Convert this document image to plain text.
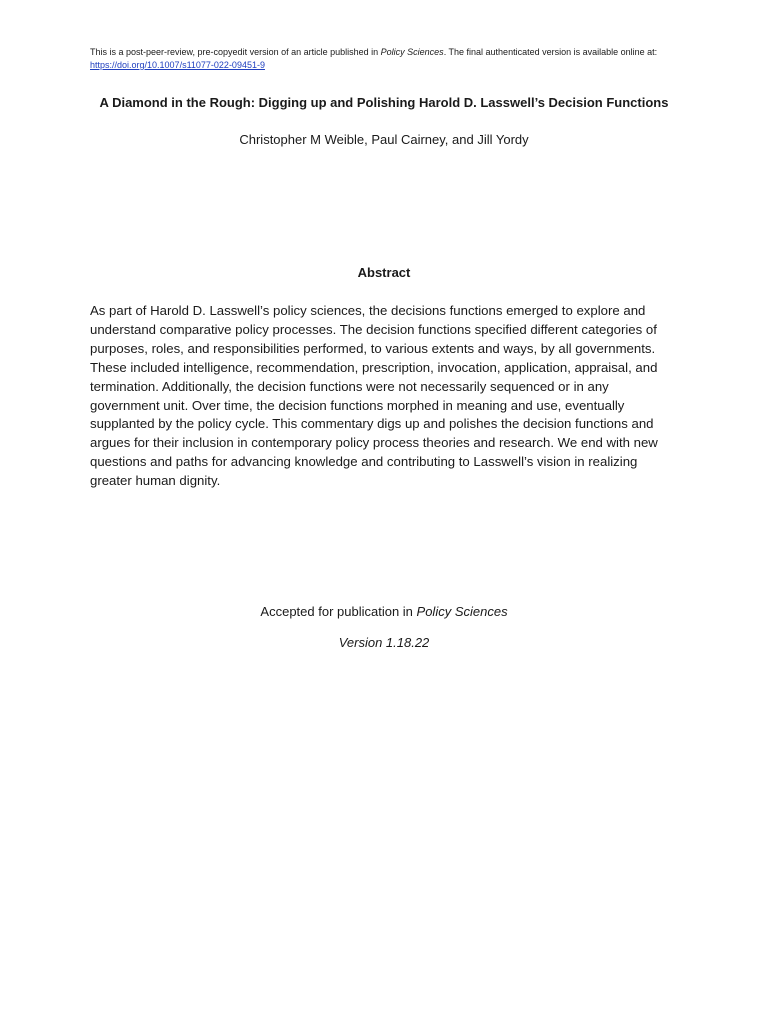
This is a post-peer-review, pre-copyedit version of an article published in Policy Sciences. The final authenticated version is available online at:
https://doi.org/10.1007/s11077-022-09451-9
A Diamond in the Rough: Digging up and Polishing Harold D. Lasswell’s Decision Functions
Christopher M Weible, Paul Cairney, and Jill Yordy
Abstract

As part of Harold D. Lasswell’s policy sciences, the decisions functions emerged to explore and understand comparative policy processes. The decision functions specified different categories of purposes, roles, and responsibilities performed, to various extents and ways, by all governments. These included intelligence, recommendation, prescription, invocation, application, appraisal, and termination. Additionally, the decision functions were not necessarily sequenced or in any government unit. Over time, the decision functions morphed in meaning and use, eventually supplanted by the policy cycle. This commentary digs up and polishes the decision functions and argues for their inclusion in contemporary policy process theories and research. We end with new questions and paths for advancing knowledge and contributing to Lasswell’s vision in realizing greater human dignity.

Accepted for publication in Policy Sciences
Version 1.18.22
